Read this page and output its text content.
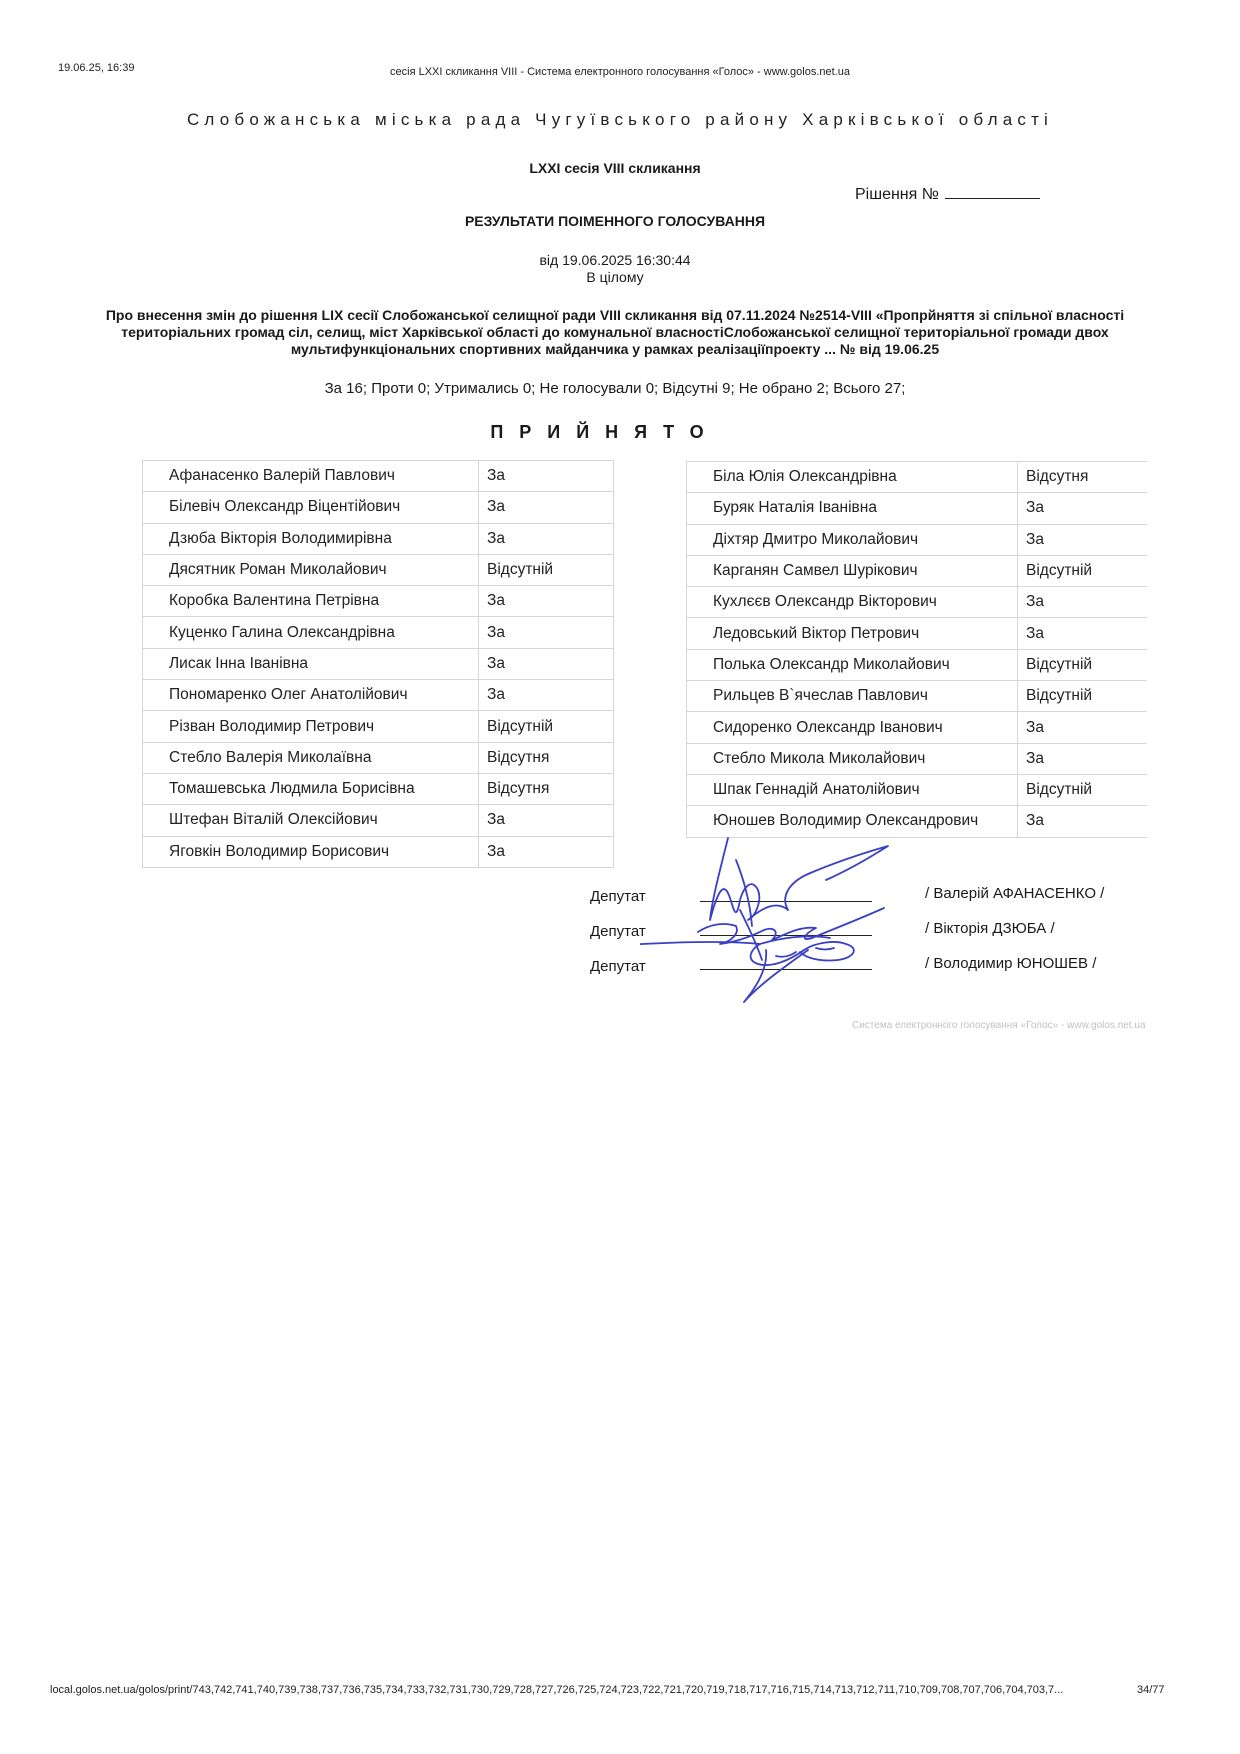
19.06.25, 16:39	сесія LXXI скликання VIII - Система електронного голосування «Голос» - www.golos.net.ua
Слобожанська міська рада Чугуївського району Харківської області
LXXI сесія VIII скликання
Рішення №
РЕЗУЛЬТАТИ ПОІМЕННОГО ГОЛОСУВАННЯ
від 19.06.2025 16:30:44
В цілому
Про внесення змін до рішення LIX сесії Слобожанської селищної ради VIII скликання від 07.11.2024 №2514-VIII «Пропрйняття зі спільної власності територіальних громад сіл, селищ, міст Харківської області до комунальної власностіСлобожанської селищної територіальної громади двох мультифункціональних спортивних майданчика у рамках реалізаціїпроекту ... № від 19.06.25
За 16; Проти 0; Утримались 0; Не голосували 0; Відсутні 9; Не обрано 2; Всього 27;
ПРИЙНЯТО
Афанасенко Валерій Павлович	За
Білевіч Олександр Віцентійович	За
Дзюба Вікторія Володимирівна	За
Дясятник Роман Миколайович	Відсутній
Коробка Валентина Петрівна	За
Куценко Галина Олександрівна	За
Лисак Інна Іванівна	За
Пономаренко Олег Анатолійович	За
Різван Володимир Петрович	Відсутній
Стебло Валерія Миколаївна	Відсутня
Томашевська Людмила Борисівна	Відсутня
Штефан Віталій Олексійович	За
Яговкін Володимир Борисович	За
Біла Юлія Олександрівна	Відсутня
Буряк Наталія Іванівна	За
Діхтяр Дмитро Миколайович	За
Карганян Самвел Шурікович	Відсутній
Кухлєєв Олександр Вікторович	За
Ледовський Віктор Петрович	За
Полька Олександр Миколайович	Відсутній
Рильцев В`ячеслав Павлович	Відсутній
Сидоренко Олександр Іванович	За
Стебло Микола Миколайович	За
Шпак Геннадій Анатолійович	Відсутній
Юношев Володимир Олександрович	За
Депутат	/ Валерій АФАНАСЕНКО /
Депутат	/ Вікторія ДЗЮБА /
Депутат	/ Володимир ЮНОШЕВ /
Система електронного голосування «Голос» - www.golos.net.ua
local.golos.net.ua/golos/print/743,742,741,740,739,738,737,736,735,734,733,732,731,730,729,728,727,726,725,724,723,722,721,720,719,718,717,716,715,714,713,712,711,710,709,708,707,706,704,703,7...	34/77
